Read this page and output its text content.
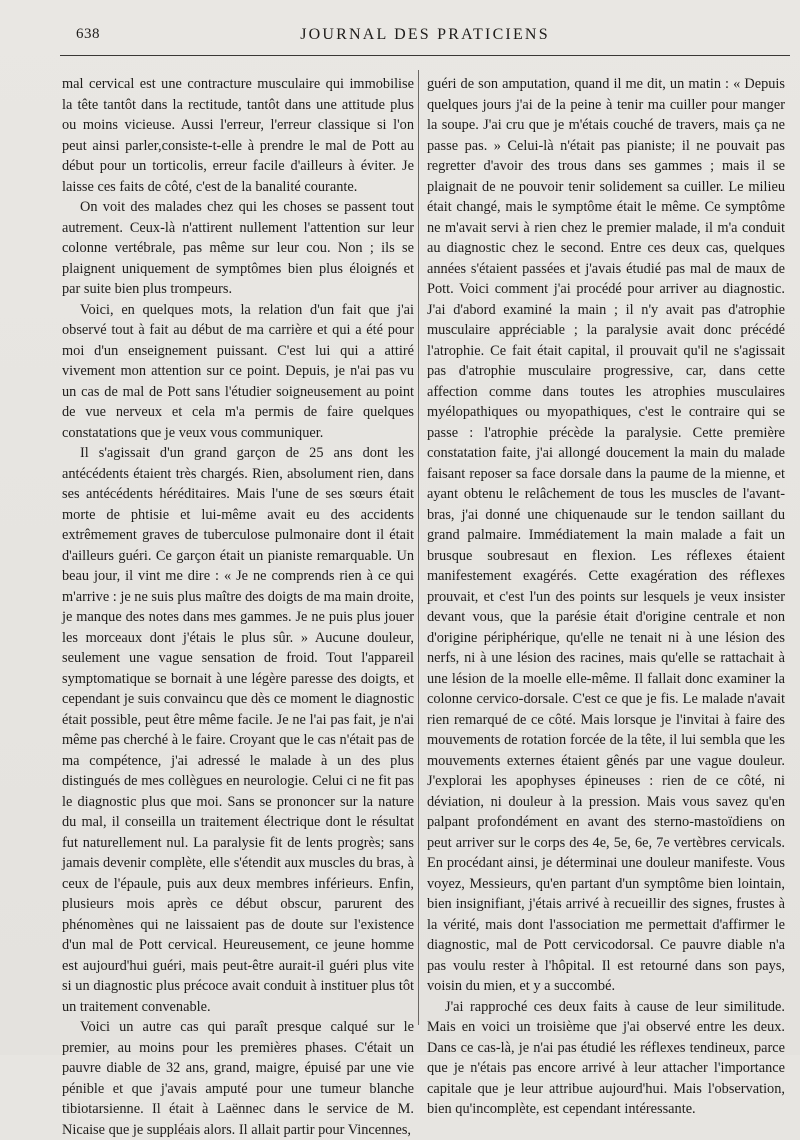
638	JOURNAL DES PRATICIENS

mal cervical est une contracture musculaire qui immobilise la tête tantôt dans la rectitude, tantôt dans une attitude plus ou moins vicieuse. Aussi l'erreur, l'erreur classique si l'on peut ainsi parler,consiste-t-elle à prendre le mal de Pott au début pour un torticolis, erreur facile d'ailleurs à éviter. Je laisse ces faits de côté, c'est de la banalité courante.

On voit des malades chez qui les choses se passent tout autrement. Ceux-là n'attirent nullement l'attention sur leur colonne vertébrale, pas même sur leur cou. Non ; ils se plaignent uniquement de symptômes bien plus éloignés et par suite bien plus trompeurs.

Voici, en quelques mots, la relation d'un fait que j'ai observé tout à fait au début de ma carrière et qui a été pour moi d'un enseignement puissant. C'est lui qui a attiré vivement mon attention sur ce point. Depuis, je n'ai pas vu un cas de mal de Pott sans l'étudier soigneusement au point de vue nerveux et cela m'a permis de faire quelques constatations que je veux vous communiquer.

Il s'agissait d'un grand garçon de 25 ans dont les antécédents étaient très chargés. Rien, absolument rien, dans ses antécédents héréditaires. Mais l'une de ses sœurs était morte de phtisie et lui-même avait eu des accidents extrêmement graves de tuberculose pulmonaire dont il était d'ailleurs guéri. Ce garçon était un pianiste remarquable. Un beau jour, il vint me dire : « Je ne comprends rien à ce qui m'arrive : je ne suis plus maître des doigts de ma main droite, je manque des notes dans mes gammes. Je ne puis plus jouer les morceaux dont j'étais le plus sûr. » Aucune douleur, seulement une vague sensation de froid. Tout l'appareil symptomatique se bornait à une légère paresse des doigts, et cependant je suis convaincu que dès ce moment le diagnostic était possible, peut être même facile. Je ne l'ai pas fait, je n'ai même pas cherché à le faire. Croyant que le cas n'était pas de ma compétence, j'ai adressé le malade à un des plus distingués de mes collègues en neurologie. Celui ci ne fit pas le diagnostic plus que moi. Sans se prononcer sur la nature du mal, il conseilla un traitement électrique dont le résultat fut naturellement nul. La paralysie fit de lents progrès; sans jamais devenir complète, elle s'étendit aux muscles du bras, à ceux de l'épaule, puis aux deux membres inférieurs. Enfin, plusieurs mois après ce début obscur, parurent des phénomènes qui ne laissaient pas de doute sur l'existence d'un mal de Pott cervical. Heureusement, ce jeune homme est aujourd'hui guéri, mais peut-être aurait-il guéri plus vite si un diagnostic plus précoce avait conduit à instituer plus tôt un traitement convenable.

Voici un autre cas qui paraît presque calqué sur le premier, au moins pour les premières phases. C'était un pauvre diable de 32 ans, grand, maigre, épuisé par une vie pénible et que j'avais amputé pour une tumeur blanche tibiotarsienne. Il était à Laënnec dans le service de M. Nicaise que je suppléais alors. Il allait partir pour Vincennes,

guéri de son amputation, quand il me dit, un matin : « Depuis quelques jours j'ai de la peine à tenir ma cuiller pour manger la soupe. J'ai cru que je m'étais couché de travers, mais ça ne passe pas. » Celui-là n'était pas pianiste; il ne pouvait pas regretter d'avoir des trous dans ses gammes ; mais il se plaignait de ne pouvoir tenir solidement sa cuiller. Le milieu était changé, mais le symptôme était le même. Ce symptôme ne m'avait servi à rien chez le premier malade, il m'a conduit au diagnostic chez le second. Entre ces deux cas, quelques années s'étaient passées et j'avais étudié pas mal de maux de Pott. Voici comment j'ai procédé pour arriver au diagnostic. J'ai d'abord examiné la main ; il n'y avait pas d'atrophie musculaire appréciable ; la paralysie avait donc précédé l'atrophie. Ce fait était capital, il prouvait qu'il ne s'agissait pas d'atrophie musculaire progressive, car, dans cette affection comme dans toutes les atrophies musculaires myélopathiques ou myopathiques, c'est le contraire qui se passe : l'atrophie précède la paralysie. Cette première constatation faite, j'ai allongé doucement la main du malade faisant reposer sa face dorsale dans la paume de la mienne, et ayant obtenu le relâchement de tous les muscles de l'avant-bras, j'ai donné une chiquenaude sur le tendon saillant du grand palmaire. Immédiatement la main malade a fait un brusque soubresaut en flexion. Les réflexes étaient manifestement exagérés. Cette exagération des réflexes prouvait, et c'est l'un des points sur lesquels je veux insister devant vous, que la parésie était d'origine centrale et non d'origine périphérique, qu'elle ne tenait ni à une lésion des nerfs, ni à une lésion des racines, mais qu'elle se rattachait à une lésion de la moelle elle-même. Il fallait donc examiner la colonne cervico-dorsale. C'est ce que je fis. Le malade n'avait rien remarqué de ce côté. Mais lorsque je l'invitai à faire des mouvements de rotation forcée de la tête, il lui sembla que les mouvements externes étaient gênés par une vague douleur. J'explorai les apophyses épineuses : rien de ce côté, ni déviation, ni douleur à la pression. Mais vous savez qu'en palpant profondément en avant des sterno-mastoïdiens on peut arriver sur le corps des 4e, 5e, 6e, 7e vertèbres cervicals. En procédant ainsi, je déterminai une douleur manifeste. Vous voyez, Messieurs, qu'en partant d'un symptôme bien lointain, bien insignifiant, j'étais arrivé à recueillir des signes, frustes à la vérité, mais dont l'association me permettait d'affirmer le diagnostic, mal de Pott cervicodorsal. Ce pauvre diable n'a pas voulu rester à l'hôpital. Il est retourné dans son pays, voisin du mien, et y a succombé.

J'ai rapproché ces deux faits à cause de leur similitude. Mais en voici un troisième que j'ai observé entre les deux. Dans ce cas-là, je n'ai pas étudié les réflexes tendineux, parce que je n'étais pas encore arrivé à leur attacher l'importance capitale que je leur attribue aujourd'hui. Mais l'observation, bien qu'incomplète, est cependant intéressante.
